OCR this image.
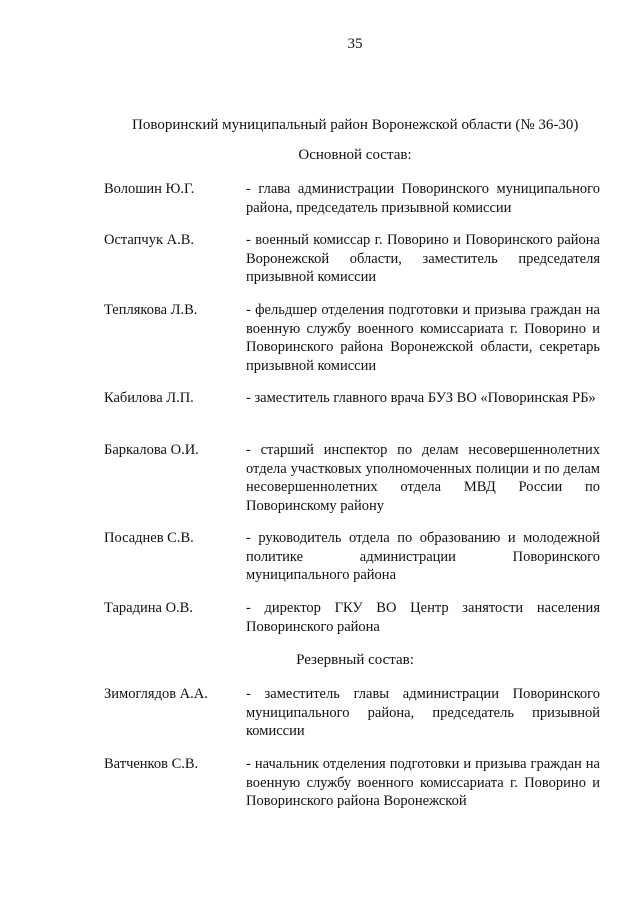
35
Поворинский муниципальный район Воронежской области (№ 36-30)
Основной состав:
Волошин Ю.Г.	- глава администрации Поворинского муниципального района, председатель призывной комиссии
Остапчук А.В.	- военный комиссар г. Поворино и Поворинского района Воронежской области, заместитель председателя призывной комиссии
Теплякова Л.В.	- фельдшер отделения подготовки и призыва граждан на военную службу военного комиссариата г. Поворино и Поворинского района Воронежской области, секретарь призывной комиссии
Кабилова Л.П.	- заместитель главного врача БУЗ ВО «Поворинская РБ»
Баркалова О.И.	- старший инспектор по делам несовершеннолетних отдела участковых уполномоченных полиции и по делам несовершеннолетних отдела МВД России по Поворинскому району
Посаднев С.В.	- руководитель отдела по образованию и молодежной политике администрации Поворинского муниципального района
Тарадина О.В.	- директор ГКУ ВО Центр занятости населения Поворинского района
Резервный состав:
Зимоглядов А.А.	- заместитель главы администрации Поворинского муниципального района, председатель призывной комиссии
Ватченков С.В.	- начальник отделения подготовки и призыва граждан на военную службу военного комиссариата г. Поворино и Поворинского района Воронежской
